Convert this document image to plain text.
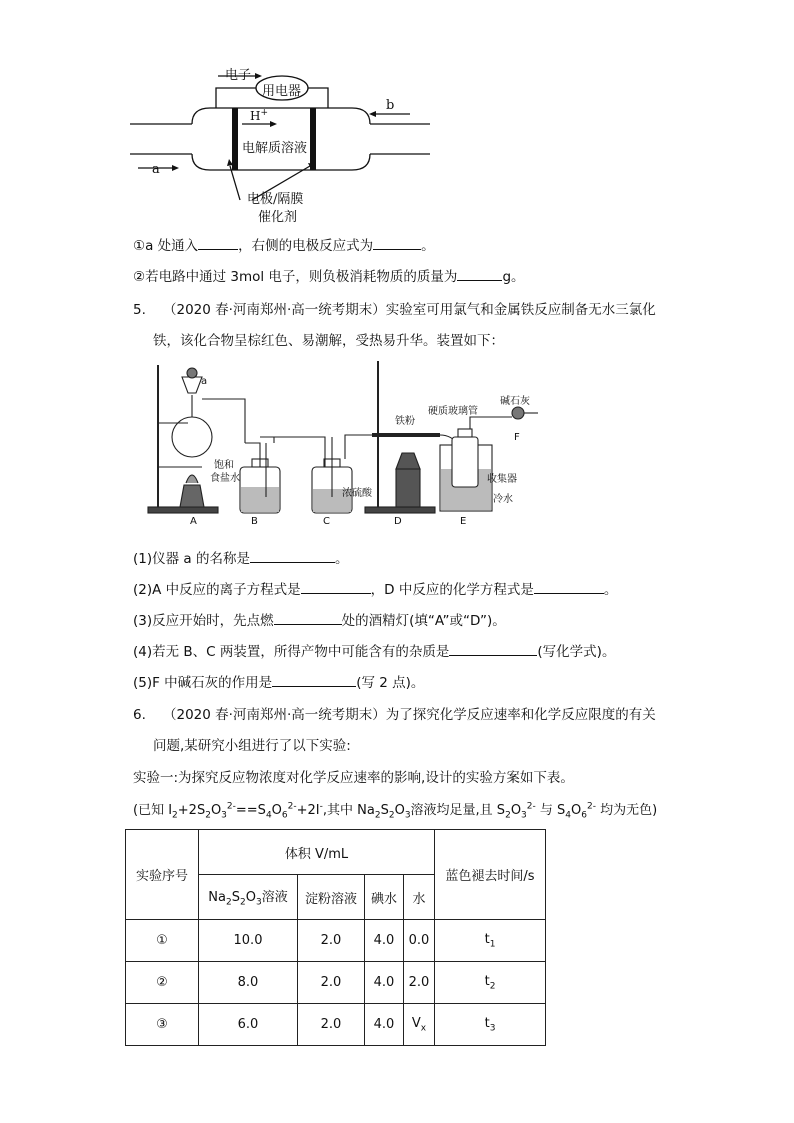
电子
用电器
H+
电解质溶液
a
b
电极/隔膜
催化剂
①a 处通入	，右侧的电极反应式为	。
②若电路中通过 3mol 电子，则负极消耗物质的质量为	g。
5. （2020 春·河南郑州·高一统考期末）实验室可用氯气和金属铁反应制备无水三氯化
铁，该化合物呈棕红色、易潮解，受热易升华。装置如下：
a
饱和
食盐水
浓硫酸
铁粉
硬质玻璃管
碱石灰
收集器
冷水
A	B	C	D	E
F
(1)仪器 a 的名称是	。
(2)A 中反应的离子方程式是	，D 中反应的化学方程式是	。
(3)反应开始时，先点燃	处的酒精灯(填“A”或“D”)。
(4)若无 B、C 两装置，所得产物中可能含有的杂质是	(写化学式)。
(5)F 中碱石灰的作用是	(写 2 点)。
6. （2020 春·河南郑州·高一统考期末）为了探究化学反应速率和化学反应限度的有关
问题,某研究小组进行了以下实验:
实验一:为探究反应物浓度对化学反应速率的影响,设计的实验方案如下表。
(已知 $I_2+2S_2O_3^{2-}==S_4O_6^{2-}+2I^-$,其中 $Na_2S_2O_3$溶液均足量,且 $S_2O_3^{2-}$ 与 $S_4O_6^{2-}$ 均为无色)
实验序号	体积 V/mL				蓝色褪去时间/s
	$Na_2S_2O_3$溶液	淀粉溶液	碘水	水	
①	10.0	2.0	4.0	0.0	$t_1$
②	8.0	2.0	4.0	2.0	$t_2$
③	6.0	2.0	4.0	$V_x$	$t_3$
